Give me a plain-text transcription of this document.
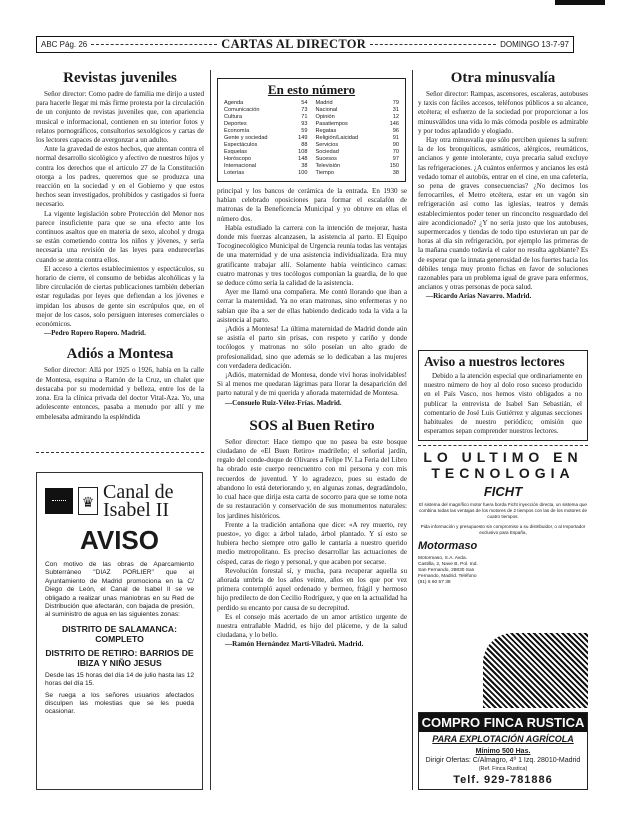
ABC Pág. 26	CARTAS AL DIRECTOR	DOMINGO 13-7-97
Revistas juveniles

Señor director: Como padre de familia me dirijo a usted para hacerle llegar mi más firme protesta por la circulación de un conjunto de revistas juveniles que, con apariencia musical e informacional, contienen en su interior fotos y relatos pornográficos, consultorios sexológicos y cartas de los lectores capaces de avergonzar a un adulto.

Ante la gravedad de estos hechos, que atentan contra el normal desarrollo sicológico y afectivo de nuestros hijos y contra los derechos que el artículo 27 de la Constitución otorga a los padres, queremos que se produzca una reacción en la sociedad y en el Gobierno y que estos hechos sean investigados, prohibidos y castigados si fuera necesario.

La vigente legislación sobre Protección del Menor nos parece insuficiente para que se una efecto ante los continuos asaltos que en materia de sexo, alcohol y droga se están cometiendo contra los niños y jóvenes, y sería necesaria una revisión de las leyes para endurecerlas cuando se atenta contra ellos.

El acceso a ciertos establecimientos y espectáculos, su horario de cierre, el consumo de bebidas alcohólicas y la libre circulación de ciertas publicaciones también deberían estar reguladas por leyes que defiendan a los jóvenes e impidan los abusos de gente sin escrúpulos que, en el mejor de los casos, solo persiguen intereses comerciales o económicos.

—Pedro Ropero Ropero. Madrid.

Adiós a Montesa

Señor director: Allá por 1925 o 1926, había en la calle de Montesa, esquina a Ramón de la Cruz, un chalet que destacaba por su modernidad y belleza, entre los de la zona. Era la clínica privada del doctor Vital-Aza. Yo, una adolescente entonces, pasaba a menudo por allí y me embelesaba admirando la espléndida

♛ Canal de Isabel II
AVISO

Con motivo de las obras de Aparcamiento Subterráneo "DIAZ PORLIER" que el Ayuntamiento de Madrid promociona en la C/ Diego de León, el Canal de Isabel II se ve obligado a realizar unas maniobras en su Red de Distribución que afectarán, con bajada de presión, al suministro de agua en las siguientes zonas:

DISTRITO DE SALAMANCA: COMPLETO
DISTRITO DE RETIRO: BARRIOS DE IBIZA Y NIÑO JESUS

Desde las 15 horas del día 14 de julio hasta las 12 horas del día 15.

Se ruega a los señores usuarios afectados disculpen las molestias que se les pueda ocasionar.

En esto número
Agenda	54
Comunicación	73
Cultura	71
Deportes	93
Economía	59
Gente y sociedad	149
Espectáculos	88
Esquelas	108
Horóscopo	148
Internacional	38
Loterías	100
Madrid	79
Nacional	31
Opinión	12
Pasatiempos	146
Regatas	96
Religión/Laicidad	91
Servicios	90
Sociedad	70
Sucesos	97
Televisión	150
Tiempo	38

principal y los bancos de cerámica de la entrada. En 1930 se habían celebrado oposiciones para formar el escalafón de matronas de la Beneficencia Municipal y yo obtuve en ellas el número dos.

Había estudiado la carrera con la intención de mejorar, hasta donde mis fuerzas alcanzasen, la asistencia al parto. El Equipo Tocoginecológico Municipal de Urgencia reunía todas las ventajas de una maternidad y de una asistencia individualizada. Era muy gratificante trabajar allí. Solamente había veinticinco camas: cuatro matronas y tres tocólogos componían la guardia, de lo que se deduce cómo sería la calidad de la asistencia.

Ayer me llamó una compañera. Me contó llorando que iban a cerrar la maternidad. Ya no eran matronas, sino enfermeras y no sabían que iba a ser de ellas habiendo dedicado toda la vida a la asistencia al parto.

¡Adiós a Montesa! La última maternidad de Madrid donde aún se asistía el parto sin prisas, con respeto y cariño y donde tocólogos y matronas no sólo poseían un alto grado de profesionalidad, sino que además se lo dedicaban a las mujeres con verdadera dedicación.

¡Adiós, maternidad de Montesa, donde viví horas inolvidables! Si al menos me quedaran lágrimas para llorar la desaparición del parto natural y de mi querida y añorada maternidad de Montesa.

—Consuelo Ruiz-Vélez-Frías. Madrid.

SOS al Buen Retiro

Señor director: Hace tiempo que no pasea ba este bosque ciudadano de «El Buen Retiro» madrileño; el señorial jardín, regalo del conde-duque de Olivares a Felipe IV. La Feria del Libro ha obrado este cuerpo reencuentro con mi persona y con mis recuerdos de juventud. Y lo agradezco, pues su estado de abandono lo está deteriorando y, en algunas zonas, degradándolo, lo cual hace que dirija esta carta de socorro para que se tome nota de su restauración y conservación de sus monumentos naturales: los jardines históricos.

Frente a la tradición antañona que dice: «A rey muerto, rey puesto», yo digo: a árbol talado, árbol plantado. Y si esto se hubiera hecho siempre otro gallo le cantaría a nuestro querido medio metropolitano. Es preciso desarrollar las actuaciones de césped, caras de riego y personal, y que acaben por secarse.

Revolución forestal sí, y mucha, para recuperar aquella su añorada umbría de los años veinte, años en los que por vez primera contempló aquel ordenado y bermeo, frágil y hermoso hijo predilecto de don Cecilio Rodríguez, y que en la actualidad ha perdido su encanto por causa de su decrepitud.

Es el consejo más acertado de un amor artístico urgente de nuestra entrañable Madrid, es hijo del pláceme, y de la salud ciudadana, y lo bello.

—Ramón Hernández Martí-Viladrú. Madrid.

Otra minusvalía

Señor director: Rampas, ascensores, escaleras, autobuses y taxis con fáciles accesos, teléfonos públicos a su alcance, etcétera; el esfuerzo de la sociedad por proporcionar a los minusválidos una vida lo más cómoda posible es admirable y por todos aplaudido y elogiado.

Hay otra minusvalía que sólo perciben quienes la sufren: la de los bronquíticos, asmáticos, alérgicos, reumáticos, ancianos y gente intolerante, cuya precaria salud excluye las refrigeraciones. ¿A cuántos enfermos y ancianos les está vedado tomar el autobús, entrar en el cine, en una cafetería, so pena de graves consecuencias? ¿No decimos los ferrocarriles, el Metro etcétera, estar en un vagón sin refrigeración así como las iglesias, teatros y demás establecimientos poder tener un rinconcito resguardado del aire acondicionado? ¿Y no sería justo que los autobuses, supermercados y tiendas de todo tipo estuvieran un par de horas al día sin refrigeración, por ejemplo las primeras de la mañana cuando todavía el calor no resulta agobiante? Es de esperar que la innata generosidad de los fuertes hacia los débiles tenga muy pronto fichas en favor de soluciones razonables para un problema igual de grave para enfermos, ancianos y otras personas de poca salud.

—Ricardo Arias Navarro. Madrid.

Aviso a nuestros lectores

Debido a la atención especial que ordinariamente en nuestro número de hoy al dolo roso suceso producido en el País Vasco, nos hemos visto obligados a no publicar la entrevista de Isabel San Sebastián, el comentario de José Luis Gutiérrez y algunas secciones habituales de nuestro periódico; omisión que esperamos sepan comprender nuestros lectores.

LO ULTIMO EN
TECNOLOGIA
FICHT
El sistema del magnífico motor fuera borda Ficht inyección directa, un sistema que combina todas las ventajas de los motores de 2 tiempos con las de los motores de cuatro tiempos.
Pida información y presupuesto sin compromiso a su distribuidor, o al Importador exclusivo para España,
Motormaso
Motormaso, S.A. Avda. Castilla, 2, Nave B, Pol. Ind. San Fernando, 28830 San Fernando, Madrid. Teléfono (91) 6 60 57 38
COMPRO FINCA RUSTICA
PARA EXPLOTACIÓN AGRÍCOLA
Mínimo 500 Has.
Dirigir Ofertas: C/Almagro, 4º 1 Izq. 28010-Madrid
(Ref. Finca Rustica)
Telf. 929-781886
